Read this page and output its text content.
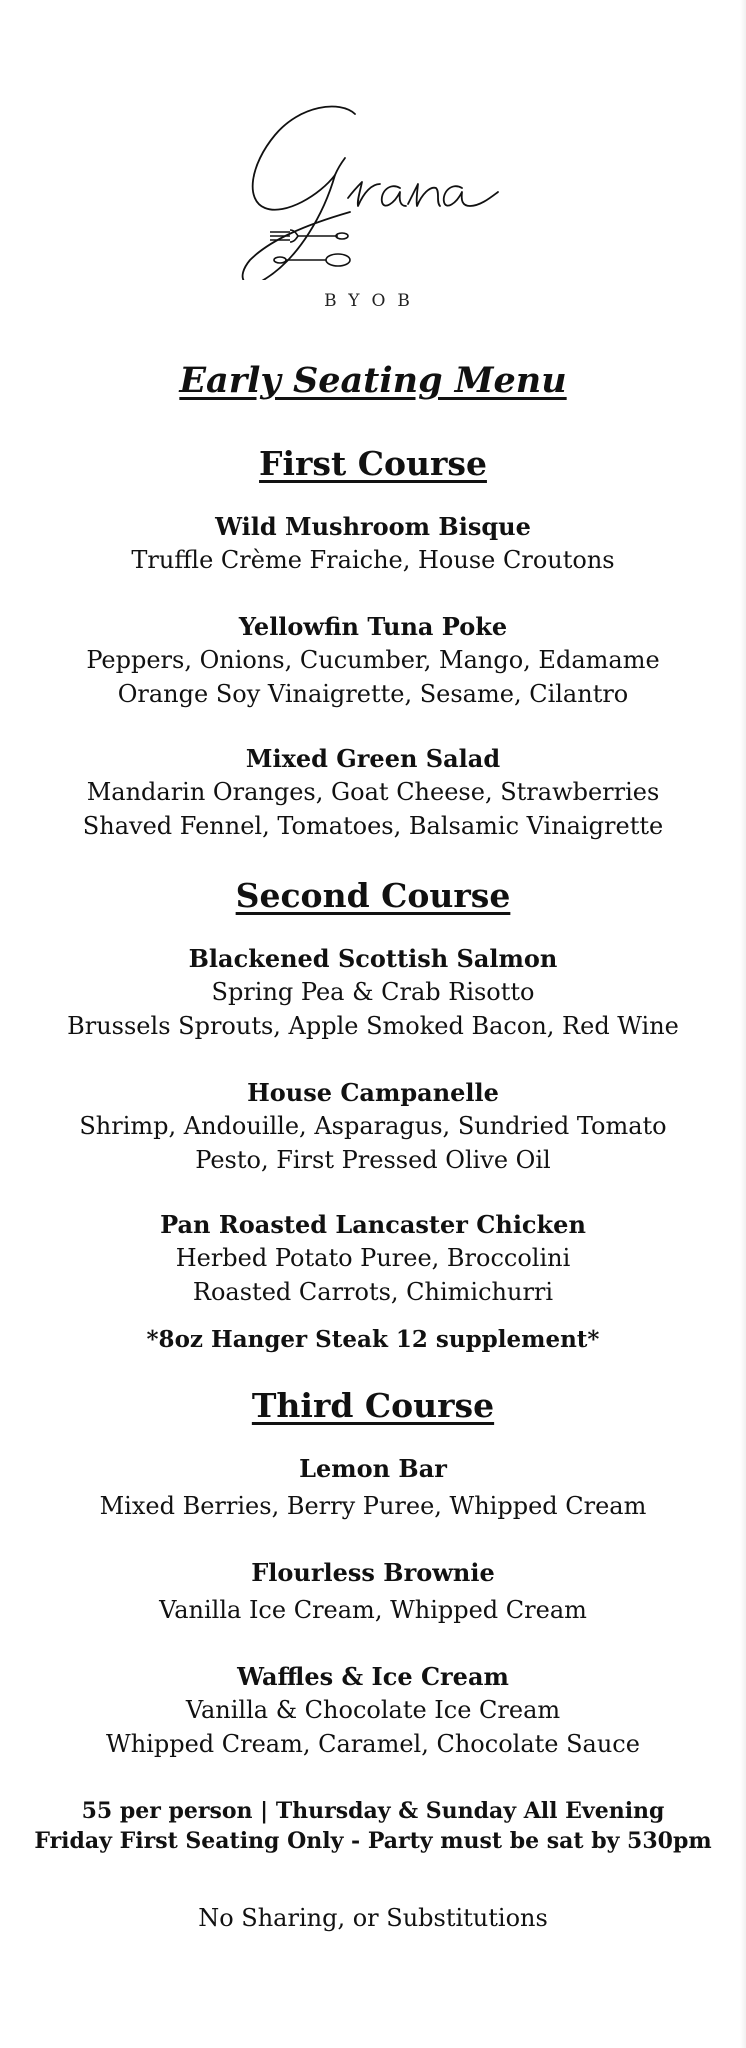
BYOB
Early Seating Menu
First Course
Wild Mushroom Bisque
Truffle Crème Fraiche, House Croutons
Yellowfin Tuna Poke
Peppers, Onions, Cucumber, Mango, Edamame
Orange Soy Vinaigrette, Sesame, Cilantro
Mixed Green Salad
Mandarin Oranges, Goat Cheese, Strawberries
Shaved Fennel, Tomatoes, Balsamic Vinaigrette
Second Course
Blackened Scottish Salmon
Spring Pea & Crab Risotto
Brussels Sprouts, Apple Smoked Bacon, Red Wine
House Campanelle
Shrimp, Andouille, Asparagus, Sundried Tomato
Pesto, First Pressed Olive Oil
Pan Roasted Lancaster Chicken
Herbed Potato Puree, Broccolini
Roasted Carrots, Chimichurri
*8oz Hanger Steak 12 supplement*
Third Course
Lemon Bar
Mixed Berries, Berry Puree, Whipped Cream
Flourless Brownie
Vanilla Ice Cream, Whipped Cream
Waffles & Ice Cream
Vanilla & Chocolate Ice Cream
Whipped Cream, Caramel, Chocolate Sauce
55 per person | Thursday & Sunday All Evening
Friday First Seating Only - Party must be sat by 530pm
No Sharing, or Substitutions
